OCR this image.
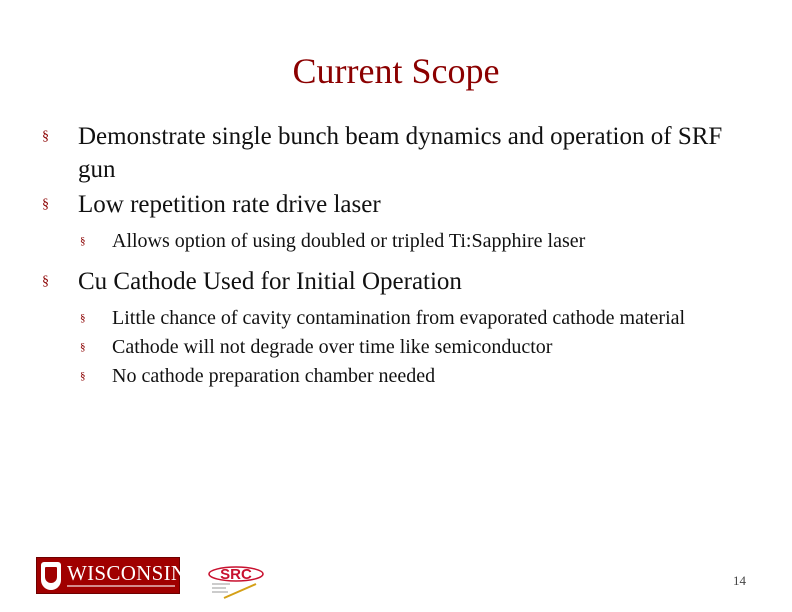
Current Scope
§ Demonstrate single bunch beam dynamics and operation of SRF gun
§ Low repetition rate drive laser
§ Allows option of using doubled or tripled Ti:Sapphire laser
§ Cu Cathode Used for Initial Operation
§ Little chance of cavity contamination from evaporated cathode material
§ Cathode will not degrade over time like semiconductor
§ No cathode preparation chamber needed
WISCONSIN SRC	14
